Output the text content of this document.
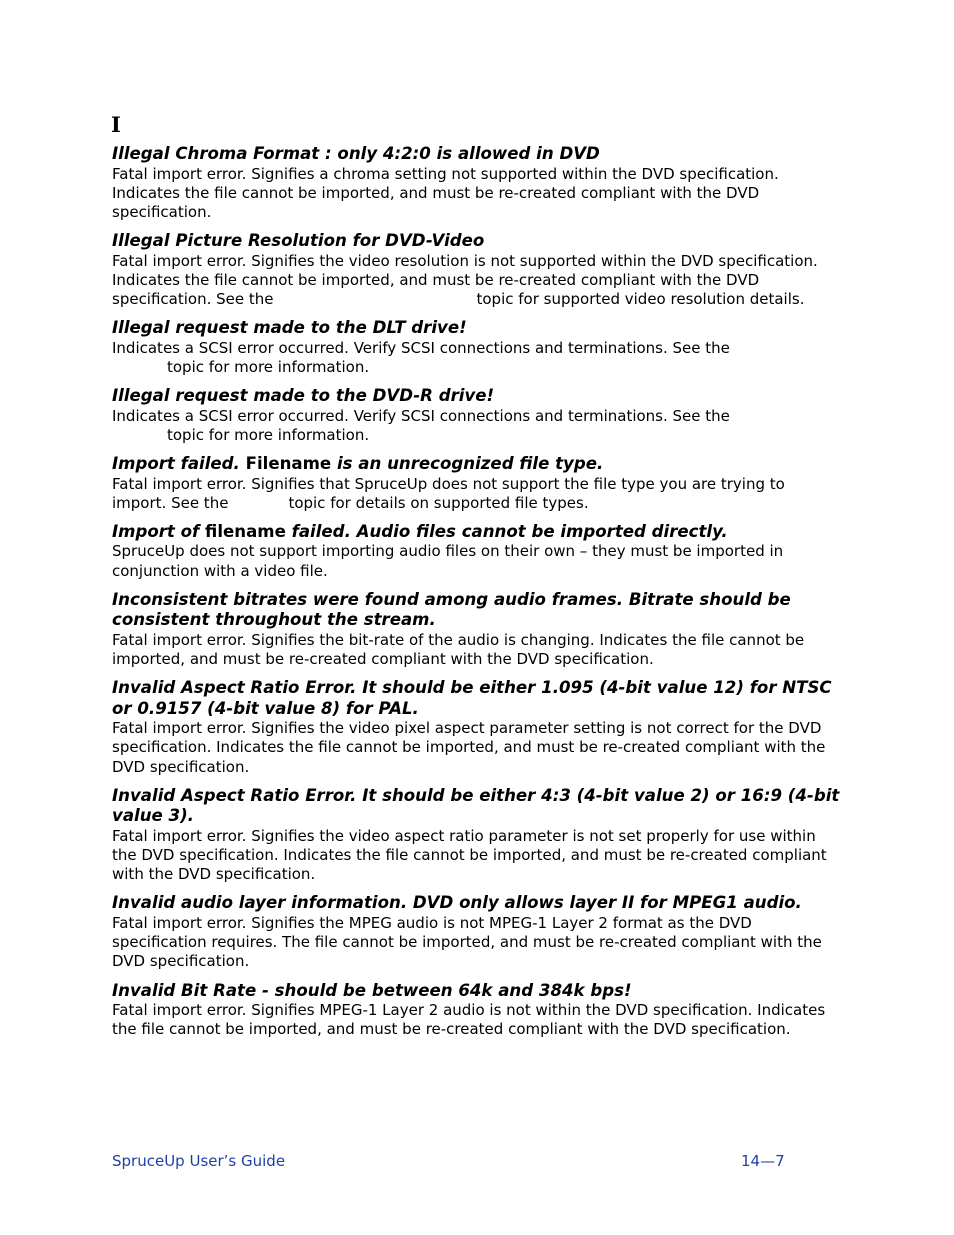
I

Illegal Chroma Format : only 4:2:0 is allowed in DVD

Fatal import error. Signifies a chroma setting not supported within the DVD specification. Indicates the file cannot be imported, and must be re-created compliant with the DVD specification.

Illegal Picture Resolution for DVD-Video

Fatal import error. Signifies the video resolution is not supported within the DVD specification. Indicates the file cannot be imported, and must be re-created compliant with the DVD specification. See the	topic for supported video resolution details.

Illegal request made to the DLT drive!

Indicates a SCSI error occurred. Verify SCSI connections and terminations. See the
topic for more information.

Illegal request made to the DVD-R drive!

Indicates a SCSI error occurred. Verify SCSI connections and terminations. See the
topic for more information.

Import failed. Filename is an unrecognized file type.

Fatal import error. Signifies that SpruceUp does not support the file type you are trying to import. See the	topic for details on supported file types.

Import of filename failed. Audio files cannot be imported directly.

SpruceUp does not support importing audio files on their own – they must be imported in conjunction with a video file.

Inconsistent bitrates were found among audio frames. Bitrate should be consistent throughout the stream.

Fatal import error. Signifies the bit-rate of the audio is changing. Indicates the file cannot be imported, and must be re-created compliant with the DVD specification.

Invalid Aspect Ratio Error. It should be either 1.095 (4-bit value 12) for NTSC or 0.9157 (4-bit value 8) for PAL.

Fatal import error. Signifies the video pixel aspect parameter setting is not correct for the DVD specification. Indicates the file cannot be imported, and must be re-created compliant with the DVD specification.

Invalid Aspect Ratio Error. It should be either 4:3 (4-bit value 2) or 16:9 (4-bit value 3).

Fatal import error. Signifies the video aspect ratio parameter is not set properly for use within the DVD specification. Indicates the file cannot be imported, and must be re-created compliant with the DVD specification.

Invalid audio layer information. DVD only allows layer II for MPEG1 audio.

Fatal import error. Signifies the MPEG audio is not MPEG-1 Layer 2 format as the DVD specification requires. The file cannot be imported, and must be re-created compliant with the DVD specification.

Invalid Bit Rate - should be between 64k and 384k bps!

Fatal import error. Signifies MPEG-1 Layer 2 audio is not within the DVD specification. Indicates the file cannot be imported, and must be re-created compliant with the DVD specification.

SpruceUp User’s Guide	14—7
